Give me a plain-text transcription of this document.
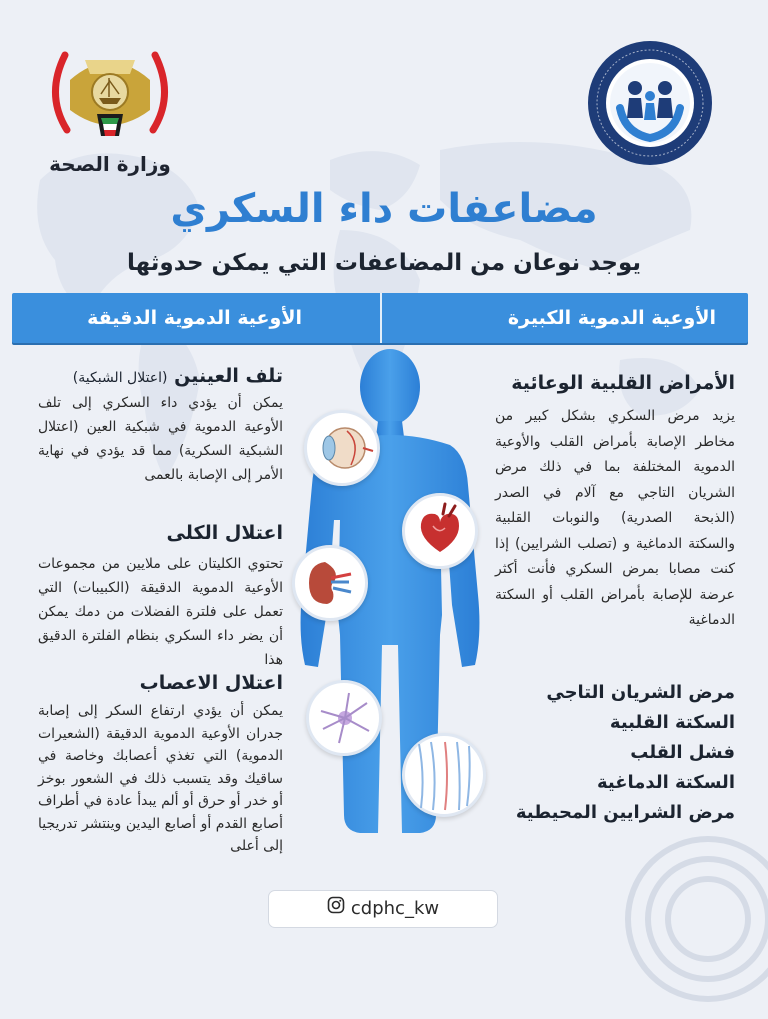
وزارة الصحة
مضاعفات داء السكري
يوجد نوعان من المضاعفات التي يمكن حدوثها
الأوعية الدموية الدقيقة	الأوعية الدموية الكبيرة
الأمراض القلبية الوعائية

يزيد مرض السكري بشكل كبير من مخاطر الإصابة بأمراض القلب والأوعية الدموية المختلفة بما في ذلك مرض الشريان التاجي مع آلام في الصدر (الذبحة الصدرية) والنوبات القلبية والسكتة الدماغية و (تصلب الشرايين) إذا كنت مصابا بمرض السكري فأنت أكثر عرضة للإصابة بأمراض القلب أو السكتة الدماغية

مرض الشريان التاجي
السكتة القلبية
فشل القلب
السكتة الدماغية
مرض الشرايين المحيطية
تلف العينين (اعتلال الشبكية)

يمكن أن يؤدي داء السكري إلى تلف الأوعية الدموية في شبكية العين (اعتلال الشبكية السكرية) مما قد يؤدي في نهاية الأمر إلى الإصابة بالعمى

اعتلال الكلى

تحتوي الكليتان على ملايين من مجموعات الأوعية الدموية الدقيقة (الكبيبات) التي تعمل على فلترة الفضلات من دمك يمكن أن يضر داء السكري بنظام الفلترة الدقيق هذا

اعتلال الاعصاب

يمكن أن يؤدي ارتفاع السكر إلى إصابة جدران الأوعية الدموية الدقيقة (الشعيرات الدموية) التي تغذي أعصابك وخاصة في ساقيك وقد يتسبب ذلك في الشعور بوخز أو خدر أو حرق أو ألم يبدأ عادة في أطراف أصابع القدم أو أصابع اليدين وينتشر تدريجيا إلى أعلى

cdphc_kw
